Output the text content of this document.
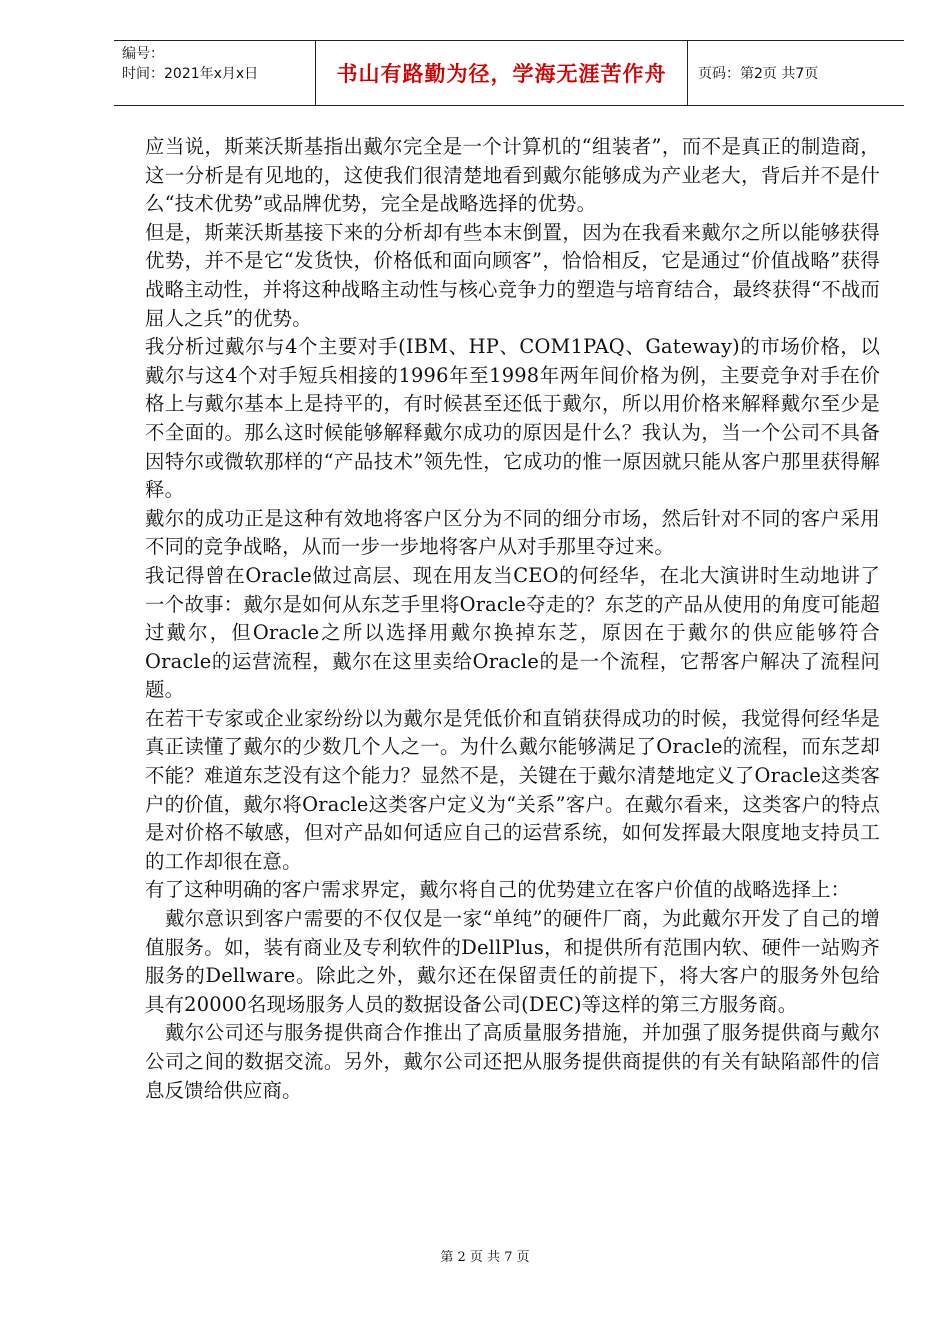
编号：
时间：2021年x月x日	书山有路勤为径，学海无涯苦作舟	页码：第2页 共7页

应当说，斯莱沃斯基指出戴尔完全是一个计算机的“组装者”，而不是真正的制造商，这一分析是有见地的，这使我们很清楚地看到戴尔能够成为产业老大，背后并不是什么“技术优势”或品牌优势，完全是战略选择的优势。

但是，斯莱沃斯基接下来的分析却有些本末倒置，因为在我看来戴尔之所以能够获得优势，并不是它“发货快，价格低和面向顾客”，恰恰相反，它是通过“价值战略”获得战略主动性，并将这种战略主动性与核心竞争力的塑造与培育结合，最终获得“不战而屈人之兵”的优势。

我分析过戴尔与4个主要对手(IBM、HP、COM1PAQ、Gateway)的市场价格，以戴尔与这4个对手短兵相接的1996年至1998年两年间价格为例，主要竞争对手在价格上与戴尔基本上是持平的，有时候甚至还低于戴尔，所以用价格来解释戴尔至少是不全面的。那么这时候能够解释戴尔成功的原因是什么？我认为，当一个公司不具备因特尔或微软那样的“产品技术”领先性，它成功的惟一原因就只能从客户那里获得解释。

戴尔的成功正是这种有效地将客户区分为不同的细分市场，然后针对不同的客户采用不同的竞争战略，从而一步一步地将客户从对手那里夺过来。

我记得曾在Oracle做过高层、现在用友当CEO的何经华，在北大演讲时生动地讲了一个故事：戴尔是如何从东芝手里将Oracle夺走的？东芝的产品从使用的角度可能超过戴尔，但Oracle之所以选择用戴尔换掉东芝，原因在于戴尔的供应能够符合Oracle的运营流程，戴尔在这里卖给Oracle的是一个流程，它帮客户解决了流程问题。

在若干专家或企业家纷纷以为戴尔是凭低价和直销获得成功的时候，我觉得何经华是真正读懂了戴尔的少数几个人之一。为什么戴尔能够满足了Oracle的流程，而东芝却不能？难道东芝没有这个能力？显然不是，关键在于戴尔清楚地定义了Oracle这类客户的价值，戴尔将Oracle这类客户定义为“关系”客户。在戴尔看来，这类客户的特点是对价格不敏感，但对产品如何适应自己的运营系统，如何发挥最大限度地支持员工的工作却很在意。

有了这种明确的客户需求界定，戴尔将自己的优势建立在客户价值的战略选择上：

戴尔意识到客户需要的不仅仅是一家“单纯”的硬件厂商，为此戴尔开发了自己的增值服务。如，装有商业及专利软件的DellPlus，和提供所有范围内软、硬件一站购齐服务的Dellware。除此之外，戴尔还在保留责任的前提下，将大客户的服务外包给具有20000名现场服务人员的数据设备公司(DEC)等这样的第三方服务商。

戴尔公司还与服务提供商合作推出了高质量服务措施，并加强了服务提供商与戴尔公司之间的数据交流。另外，戴尔公司还把从服务提供商提供的有关有缺陷部件的信息反馈给供应商。

第 2 页 共 7 页
